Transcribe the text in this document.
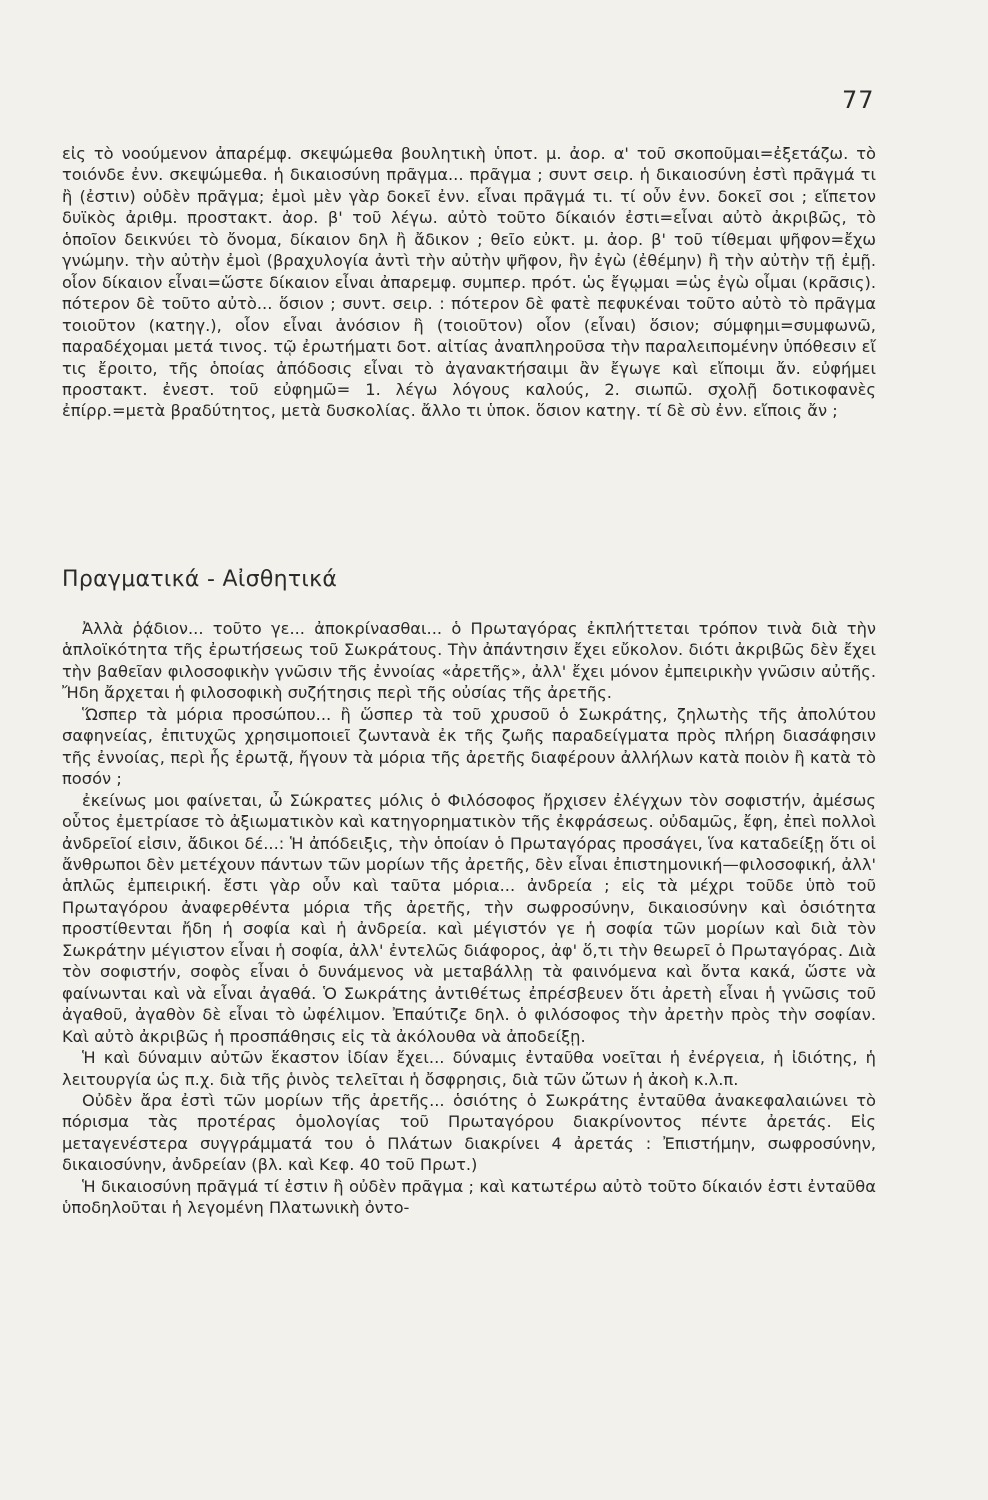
77

εἰς τὸ νοούμενον ἀπαρέμφ. σκεψώμεθα βουλητικὴ ὑποτ. μ. ἀορ. α' τοῦ σκοποῦμαι=ἐξετάζω. τὸ τοιόνδε ἐνν. σκεψώμεθα. ἡ δικαιοσύνη πρᾶγμα... πρᾶγμα ; συντ σειρ. ἡ δικαιοσύνη ἐστὶ πρᾶγμά τι ἢ (ἐστιν) οὐδὲν πρᾶγμα; ἐμοὶ μὲν γὰρ δοκεῖ ἐνν. εἶναι πρᾶγμά τι. τί οὖν ἐνν. δοκεῖ σοι ; εἴπετον δυϊκὸς ἀριθμ. προστακτ. ἀορ. β' τοῦ λέγω. αὐτὸ τοῦτο δίκαιόν ἐστι=εἶναι αὐτὸ ἀκριβῶς, τὸ ὁποῖον δεικνύει τὸ ὄνομα, δίκαιον δηλ ἢ ἄδικον ; θεῖο εὐκτ. μ. ἀορ. β' τοῦ τίθεμαι ψῆφον=ἔχω γνώμην. τὴν αὐτὴν ἐμοὶ (βραχυλογία ἀντὶ τὴν αὐτὴν ψῆφον, ἣν ἐγὼ (ἐθέμην) ἢ τὴν αὐτὴν τῇ ἐμῇ. οἷον δίκαιον εἶναι=ὥστε δίκαιον εἶναι ἀπαρεμφ. συμπερ. πρότ. ὡς ἔγῳμαι =ὡς ἐγὼ οἶμαι (κρᾶσις). πότερον δὲ τοῦτο αὐτὸ... ὅσιον ; συντ. σειρ. : πότερον δὲ φατὲ πεφυκέναι τοῦτο αὐτὸ τὸ πρᾶγμα τοιοῦτον (κατηγ.), οἷον εἶναι ἀνόσιον ἢ (τοιοῦτον) οἷον (εἶναι) ὅσιον; σύμφημι=συμφωνῶ, παραδέχομαι μετά τινος. τῷ ἐρωτήματι δοτ. αἰτίας ἀναπληροῦσα τὴν παραλειπομένην ὑπόθεσιν εἴ τις ἔροιτο, τῆς ὁποίας ἀπόδοσις εἶναι τὸ ἀγανακτήσαιμι ἂν ἔγωγε καὶ εἴποιμι ἄν. εὐφήμει προστακτ. ἐνεστ. τοῦ εὐφημῶ= 1. λέγω λόγους καλούς, 2. σιωπῶ. σχολῇ δοτικοφανὲς ἐπίρρ.=μετὰ βραδύτητος, μετὰ δυσκολίας. ἄλλο τι ὑποκ. ὅσιον κατηγ. τί δὲ σὺ ἐνν. εἴποις ἄν ;

Πραγματικά - Αἰσθητικά

Ἀλλὰ ῥᾴδιον... τοῦτο γε... ἀποκρίνασθαι... ὁ Πρωταγόρας ἐκπλήττεται τρόπον τινὰ διὰ τὴν ἁπλοϊκότητα τῆς ἐρωτήσεως τοῦ Σωκράτους. Τὴν ἀπάντησιν ἔχει εὔκολον. διότι ἀκριβῶς δὲν ἔχει τὴν βαθεῖαν φιλοσοφικὴν γνῶσιν τῆς ἐννοίας «ἀρετῆς», ἀλλ' ἔχει μόνον ἐμπειρικὴν γνῶσιν αὐτῆς. Ἤδη ἄρχεται ἡ φιλοσοφικὴ συζήτησις περὶ τῆς οὐσίας τῆς ἀρετῆς.

Ὥσπερ τὰ μόρια προσώπου... ἢ ὥσπερ τὰ τοῦ χρυσοῦ ὁ Σωκράτης, ζηλωτὴς τῆς ἀπολύτου σαφηνείας, ἐπιτυχῶς χρησιμοποιεῖ ζωντανὰ ἐκ τῆς ζωῆς παραδείγματα πρὸς πλήρη διασάφησιν τῆς ἐννοίας, περὶ ἧς ἐρωτᾷ, ἤγουν τὰ μόρια τῆς ἀρετῆς διαφέρουν ἀλλήλων κατὰ ποιὸν ἢ κατὰ τὸ ποσόν ;

ἐκείνως μοι φαίνεται, ὦ Σώκρατες μόλις ὁ Φιλόσοφος ἤρχισεν ἐλέγχων τὸν σοφιστήν, ἀμέσως οὗτος ἐμετρίασε τὸ ἀξιωματικὸν καὶ κατηγορηματικὸν τῆς ἐκφράσεως. οὐδαμῶς, ἔφη, ἐπεὶ πολλοὶ ἀνδρεῖοί εἰσιν, ἄδικοι δέ...: Ἡ ἀπόδειξις, τὴν ὁποίαν ὁ Πρωταγόρας προσάγει, ἵνα καταδείξῃ ὅτι οἱ ἄνθρωποι δὲν μετέχουν πάντων τῶν μορίων τῆς ἀρετῆς, δὲν εἶναι ἐπιστημονική—φιλοσοφική, ἀλλ' ἁπλῶς ἐμπειρική. ἔστι γὰρ οὖν καὶ ταῦτα μόρια... ἀνδρεία ; εἰς τὰ μέχρι τοῦδε ὑπὸ τοῦ Πρωταγόρου ἀναφερθέντα μόρια τῆς ἀρετῆς, τὴν σωφροσύνην, δικαιοσύνην καὶ ὁσιότητα προστίθενται ἤδη ἡ σοφία καὶ ἡ ἀνδρεία. καὶ μέγιστόν γε ἡ σοφία τῶν μορίων καὶ διὰ τὸν Σωκράτην μέγιστον εἶναι ἡ σοφία, ἀλλ' ἐντελῶς διάφορος, ἀφ' ὅ,τι τὴν θεωρεῖ ὁ Πρωταγόρας. Διὰ τὸν σοφιστήν, σοφὸς εἶναι ὁ δυνάμενος νὰ μεταβάλλῃ τὰ φαινόμενα καὶ ὄντα κακά, ὥστε νὰ φαίνωνται καὶ νὰ εἶναι ἀγαθά. Ὁ Σωκράτης ἀντιθέτως ἐπρέσβευεν ὅτι ἀρετὴ εἶναι ἡ γνῶσις τοῦ ἀγαθοῦ, ἀγαθὸν δὲ εἶναι τὸ ὠφέλιμον. Ἐπαύτιζε δηλ. ὁ φιλόσοφος τὴν ἀρετὴν πρὸς τὴν σοφίαν. Καὶ αὐτὸ ἀκριβῶς ἡ προσπάθησις εἰς τὰ ἀκόλουθα νὰ ἀποδείξῃ.

Ἡ καὶ δύναμιν αὐτῶν ἕκαστον ἰδίαν ἔχει... δύναμις ἐνταῦθα νοεῖται ἡ ἐνέργεια, ἡ ἰδιότης, ἡ λειτουργία ὡς π.χ. διὰ τῆς ῥινὸς τελεῖται ἡ ὄσφρησις, διὰ τῶν ὤτων ἡ ἀκοὴ κ.λ.π.

Οὐδὲν ἄρα ἐστὶ τῶν μορίων τῆς ἀρετῆς... ὁσιότης ὁ Σωκράτης ἐνταῦθα ἀνακεφαλαιώνει τὸ πόρισμα τὰς προτέρας ὁμολογίας τοῦ Πρωταγόρου διακρίνοντος πέντε ἀρετάς. Εἰς μεταγενέστερα συγγράμματά του ὁ Πλάτων διακρίνει 4 ἀρετάς : Ἐπιστήμην, σωφροσύνην, δικαιοσύνην, ἀνδρείαν (βλ. καὶ Κεφ. 40 τοῦ Πρωτ.)

Ἡ δικαιοσύνη πρᾶγμά τί ἐστιν ἢ οὐδὲν πρᾶγμα ; καὶ κατωτέρω αὐτὸ τοῦτο δίκαιόν ἐστι ἐνταῦθα ὑποδηλοῦται ἡ λεγομένη Πλατωνικὴ ὀντο-
